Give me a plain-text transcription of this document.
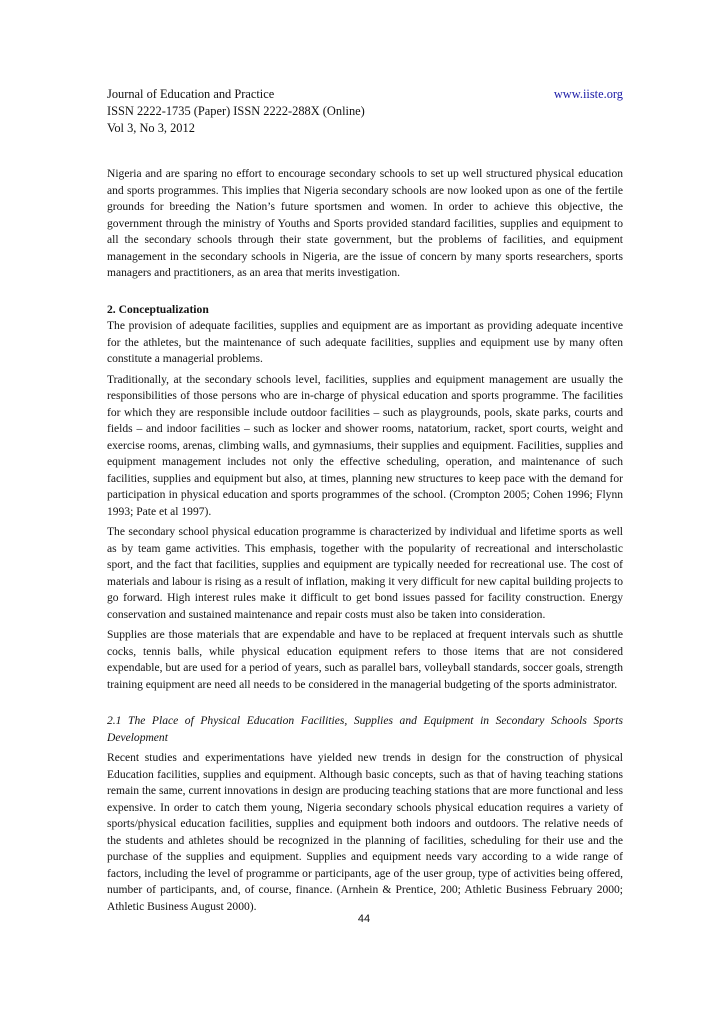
Journal of Education and Practice	www.iiste.org
ISSN 2222-1735 (Paper) ISSN 2222-288X (Online)
Vol 3, No 3, 2012

Nigeria and are sparing no effort to encourage secondary schools to set up well structured physical education and sports programmes. This implies that Nigeria secondary schools are now looked upon as one of the fertile grounds for breeding the Nation’s future sportsmen and women. In order to achieve this objective, the government through the ministry of Youths and Sports provided standard facilities, supplies and equipment to all the secondary schools through their state government, but the problems of facilities, and equipment management in the secondary schools in Nigeria, are the issue of concern by many sports researchers, sports managers and practitioners, as an area that merits investigation.

2. Conceptualization

The provision of adequate facilities, supplies and equipment are as important as providing adequate incentive for the athletes, but the maintenance of such adequate facilities, supplies and equipment use by many often constitute a managerial problems.

Traditionally, at the secondary schools level, facilities, supplies and equipment management are usually the responsibilities of those persons who are in-charge of physical education and sports programme. The facilities for which they are responsible include outdoor facilities – such as playgrounds, pools, skate parks, courts and fields – and indoor facilities – such as locker and shower rooms, natatorium, racket, sport courts, weight and exercise rooms, arenas, climbing walls, and gymnasiums, their supplies and equipment. Facilities, supplies and equipment management includes not only the effective scheduling, operation, and maintenance of such facilities, supplies and equipment but also, at times, planning new structures to keep pace with the demand for participation in physical education and sports programmes of the school. (Crompton 2005; Cohen 1996; Flynn 1993; Pate et al 1997).

The secondary school physical education programme is characterized by individual and lifetime sports as well as by team game activities. This emphasis, together with the popularity of recreational and interscholastic sport, and the fact that facilities, supplies and equipment are typically needed for recreational use. The cost of materials and labour is rising as a result of inflation, making it very difficult for new capital building projects to go forward. High interest rules make it difficult to get bond issues passed for facility construction. Energy conservation and sustained maintenance and repair costs must also be taken into consideration.

Supplies are those materials that are expendable and have to be replaced at frequent intervals such as shuttle cocks, tennis balls, while physical education equipment refers to those items that are not considered expendable, but are used for a period of years, such as parallel bars, volleyball standards, soccer goals, strength training equipment are need all needs to be considered in the managerial budgeting of the sports administrator.

2.1 The Place of Physical Education Facilities, Supplies and Equipment in Secondary Schools Sports Development

Recent studies and experimentations have yielded new trends in design for the construction of physical Education facilities, supplies and equipment. Although basic concepts, such as that of having teaching stations remain the same, current innovations in design are producing teaching stations that are more functional and less expensive. In order to catch them young, Nigeria secondary schools physical education requires a variety of sports/physical education facilities, supplies and equipment both indoors and outdoors. The relative needs of the students and athletes should be recognized in the planning of facilities, scheduling for their use and the purchase of the supplies and equipment. Supplies and equipment needs vary according to a wide range of factors, including the level of programme or participants, age of the user group, type of activities being offered, number of participants, and, of course, finance. (Arnhein & Prentice, 200; Athletic Business February 2000; Athletic Business August 2000).

44
